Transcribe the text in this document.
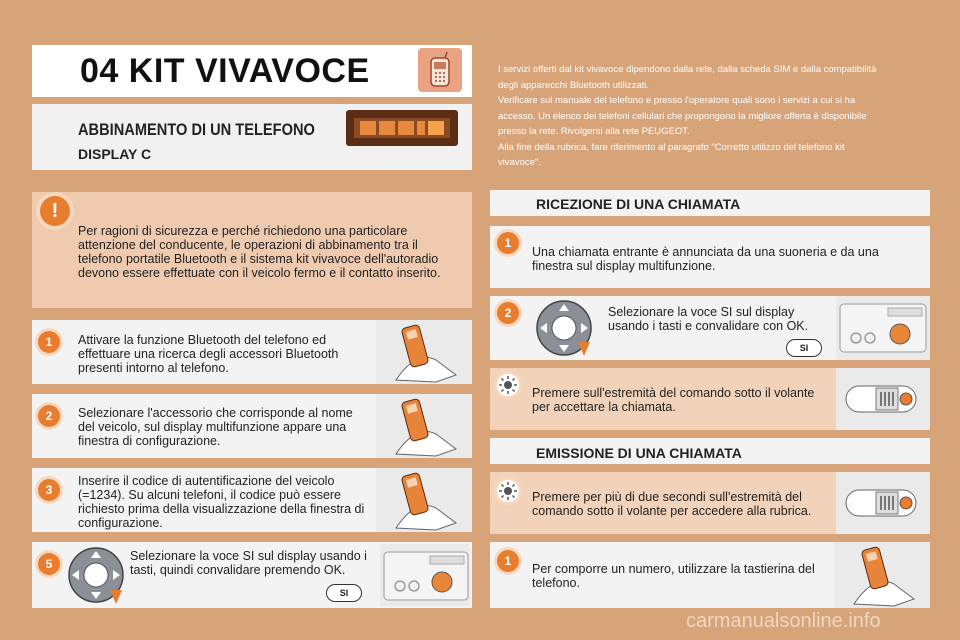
04 KIT VIVAVOCE
ABBINAMENTO DI UN TELEFONO
DISPLAY C
I servizi offerti dal kit vivavoce dipendono dalla rete, dalla scheda SIM e dalla compatibilità degli apparecchi Bluetooth utilizzati.
Verificare sul manuale del telefono e presso l'operatore quali sono i servizi a cui si ha accesso. Un elenco dei telefoni cellulari che propongono la migliore offerta è disponibile presso la rete. Rivolgersi alla rete PEUGEOT.
Alla fine della rubrica, fare riferimento al paragrafo "Corretto utilizzo del telefono kit vivavoce".
!
Per ragioni di sicurezza e perché richiedono una particolare attenzione del conducente, le operazioni di abbinamento tra il telefono portatile Bluetooth e il sistema kit vivavoce dell'autoradio devono essere effettuate con il veicolo fermo e il contatto inserito.
1	Attivare la funzione Bluetooth del telefono ed effettuare una ricerca degli accessori Bluetooth presenti intorno al telefono.
2	Selezionare l'accessorio che corrisponde al nome del veicolo, sul display multifunzione appare una finestra di configurazione.
3
Inserire il codice di autentificazione del veicolo (=1234). Su alcuni telefoni, il codice può essere richiesto prima della visualizzazione della finestra di configurazione.
5
Selezionare la voce SI sul display usando i tasti, quindi convalidare premendo OK.
SI
RICEZIONE DI UNA CHIAMATA
1
Una chiamata entrante è annunciata da una suoneria e da una finestra sul display multifunzione.
2	Selezionare la voce SI sul display usando i tasti e convalidare con OK.
SI
Premere sull'estremità del comando sotto il volante per accettare la chiamata.
EMISSIONE DI UNA CHIAMATA
Premere per più di due secondi sull'estremità del comando sotto il volante per accedere alla rubrica.
1
Per comporre un numero, utilizzare la tastierina del telefono.
carmanualsonline.info
